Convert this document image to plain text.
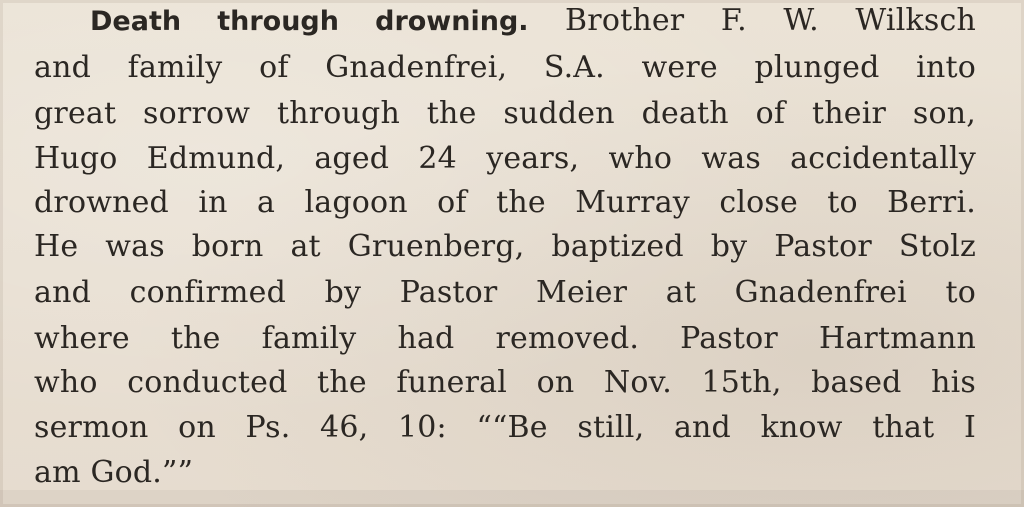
Death through drowning. Brother F. W. Wilksch
and family of Gnadenfrei, S.A. were plunged into
great sorrow through the sudden death of their son,
Hugo Edmund, aged 24 years, who was accidentally
drowned in a lagoon of the Murray close to Berri.
He was born at Gruenberg, baptized by Pastor Stolz
and confirmed by Pastor Meier at Gnadenfrei to
where the family had removed. Pastor Hartmann
who conducted the funeral on Nov. 15th, based his
sermon on Ps. 46, 10: ““Be still, and know that I
am God.””
